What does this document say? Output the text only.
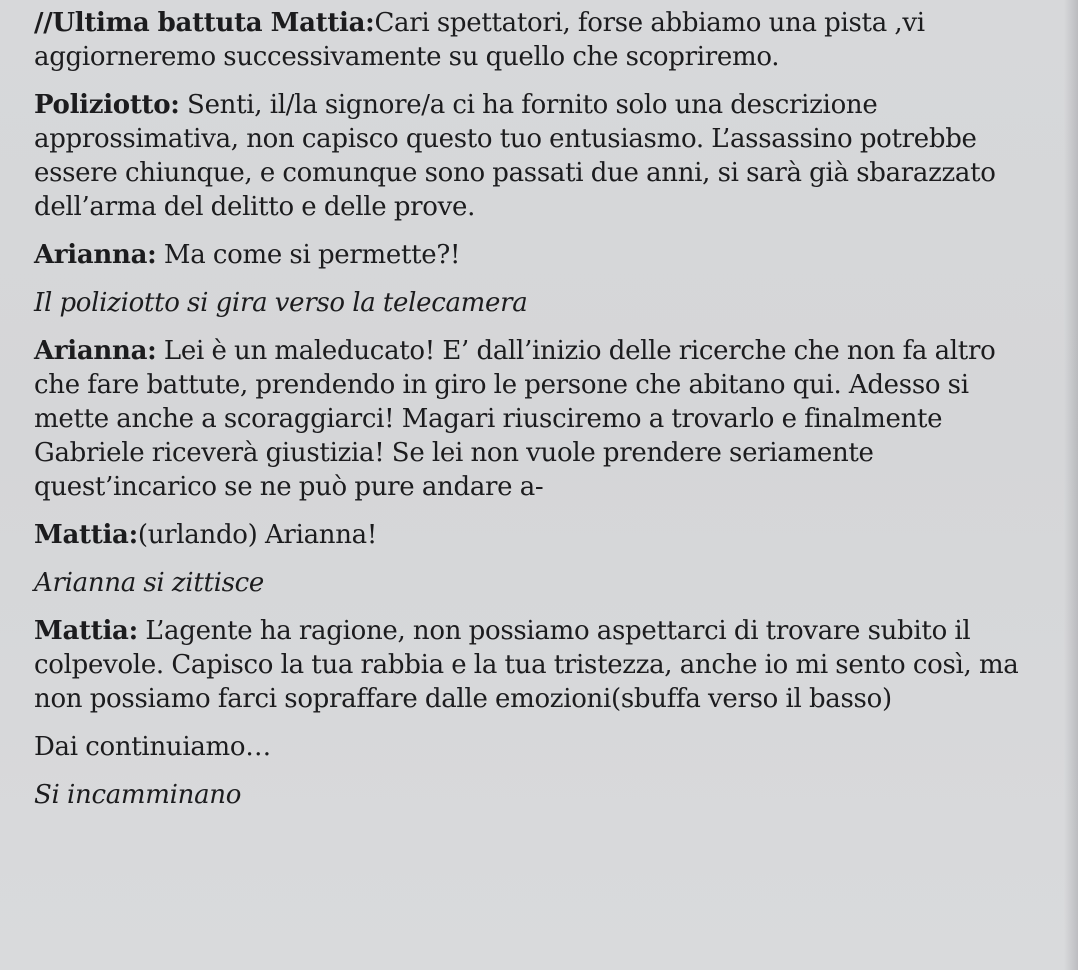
//Ultima battuta Mattia:Cari spettatori, forse abbiamo una pista ,vi aggiorneremo successivamente su quello che scopriremo.

Poliziotto: Senti, il/la signore/a ci ha fornito solo una descrizione approssimativa, non capisco questo tuo entusiasmo. L’assassino potrebbe essere chiunque, e comunque sono passati due anni, si sarà già sbarazzato dell’arma del delitto e delle prove.

Arianna: Ma come si permette?!

Il poliziotto si gira verso la telecamera

Arianna: Lei è un maleducato! E’ dall’inizio delle ricerche che non fa altro che fare battute, prendendo in giro le persone che abitano qui. Adesso si mette anche a scoraggiarci! Magari riusciremo a trovarlo e finalmente Gabriele riceverà giustizia! Se lei non vuole prendere seriamente quest’incarico se ne può pure andare a-

Mattia:(urlando) Arianna!

Arianna si zittisce

Mattia: L’agente ha ragione, non possiamo aspettarci di trovare subito il colpevole. Capisco la tua rabbia e la tua tristezza, anche io mi sento così, ma non possiamo farci sopraffare dalle emozioni(sbuffa verso il basso)

Dai continuiamo…

Si incamminano
